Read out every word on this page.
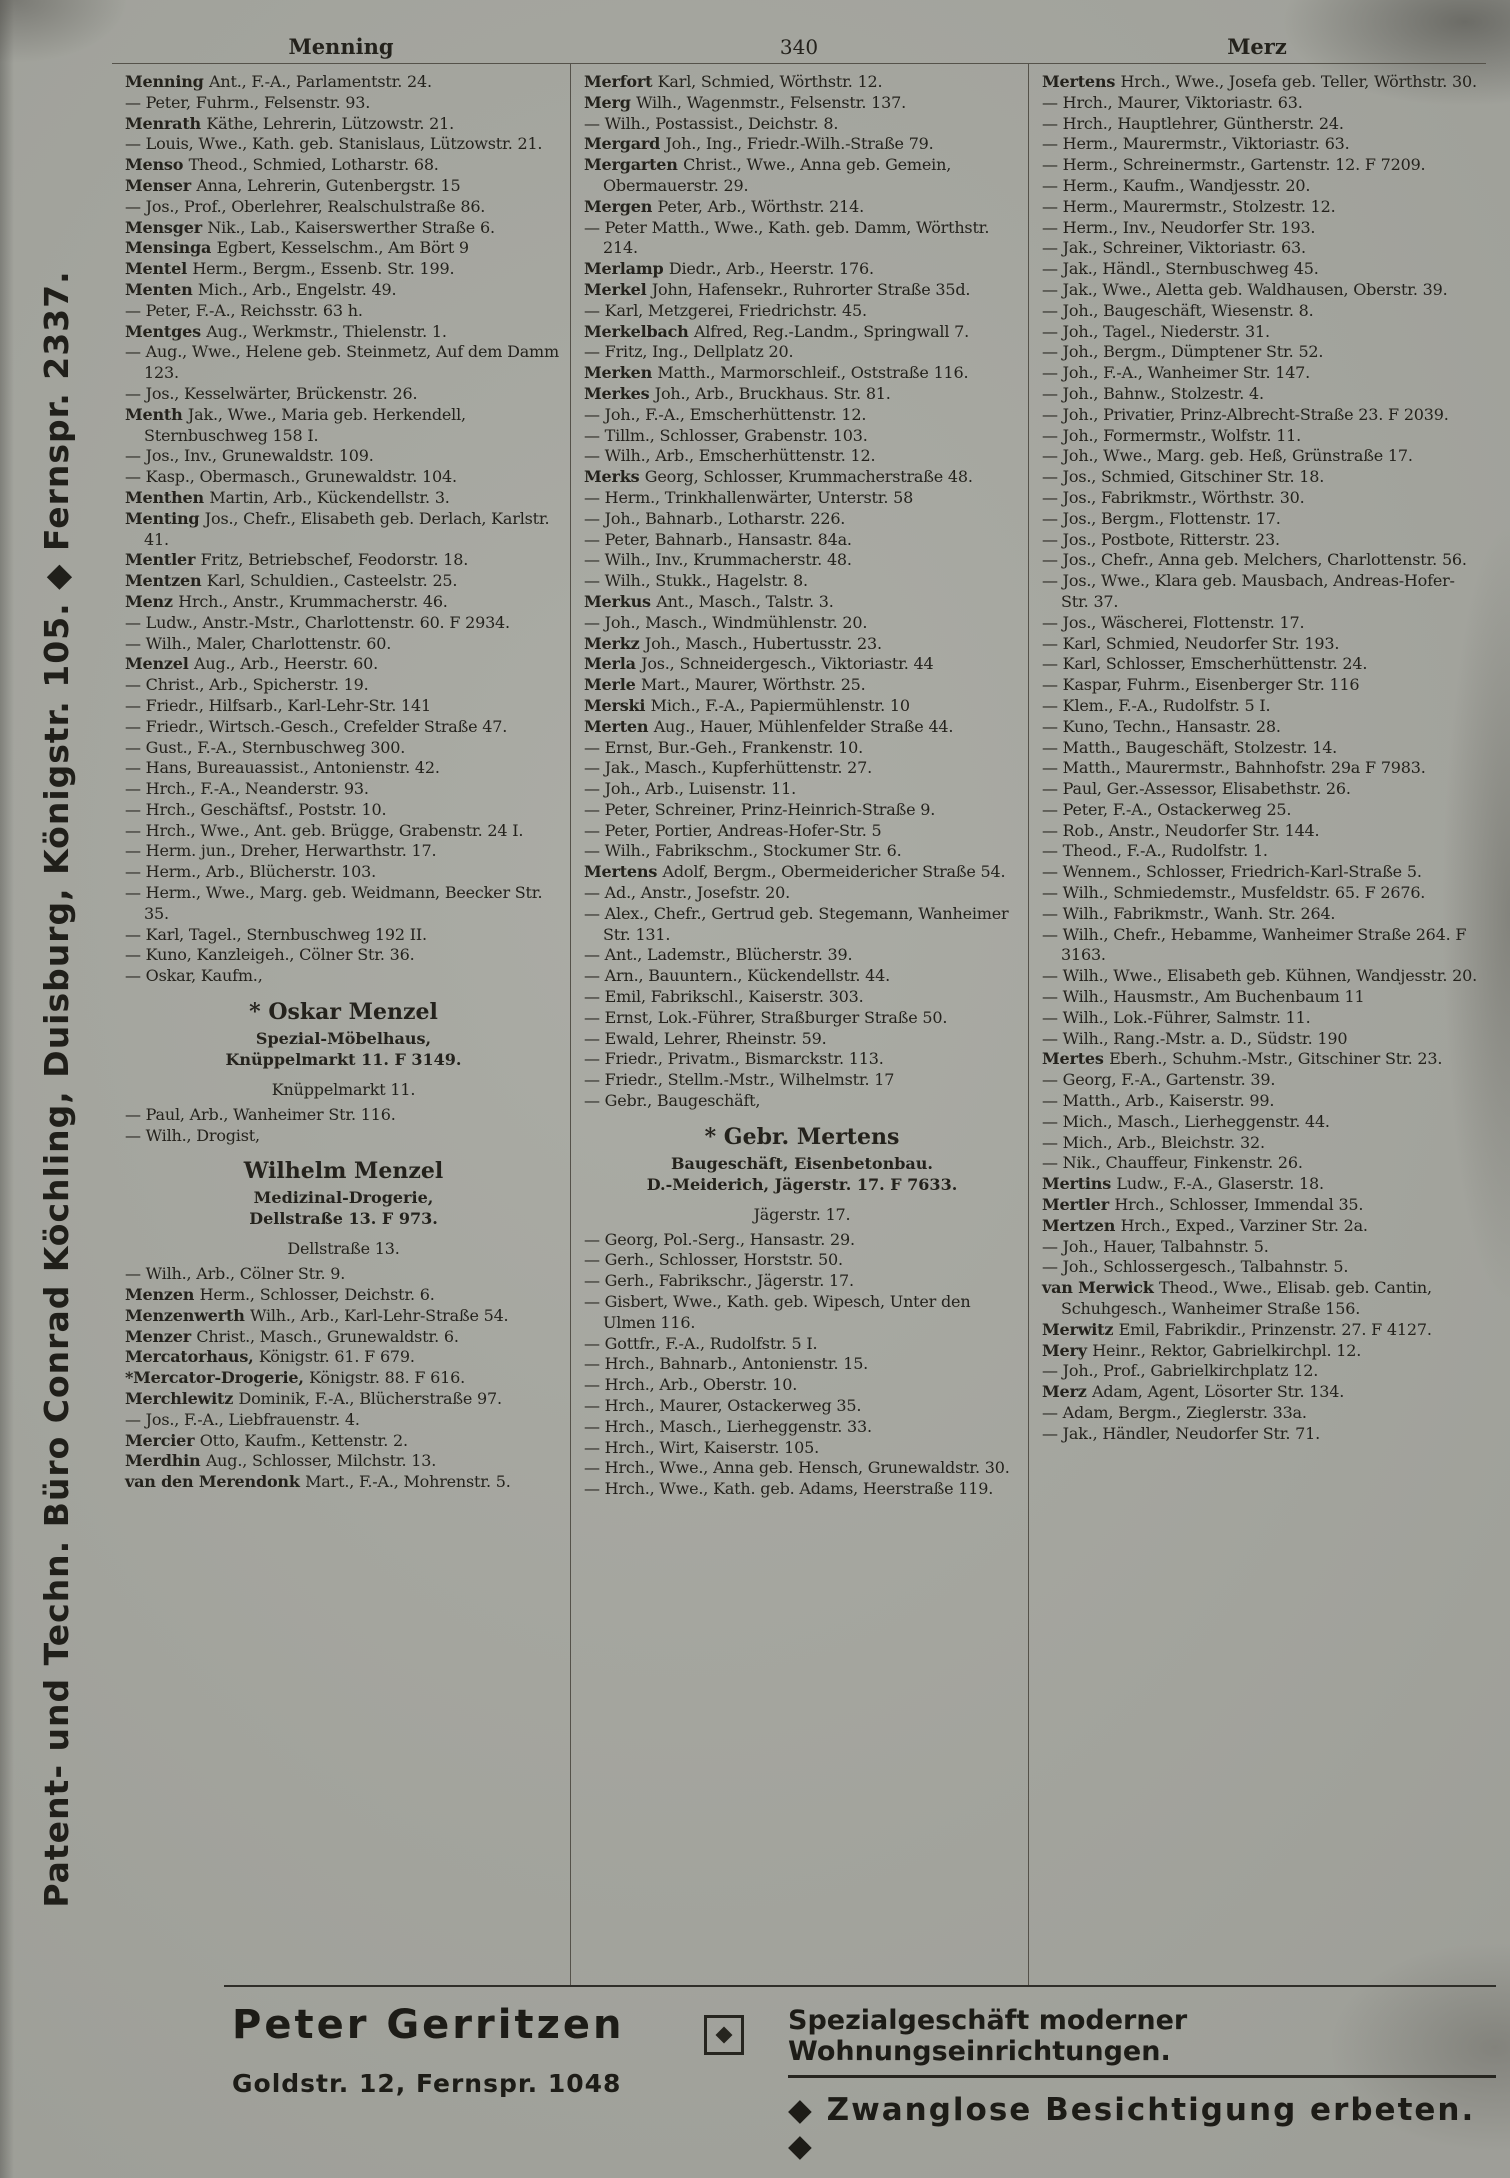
Patent- und Techn. Büro Conrad Köchling, Duisburg, Königstr. 105. ◆ Fernspr. 2337.
Menning	340	Merz

Menning Ant., F.-A., Parlamentstr. 24.

— Peter, Fuhrm., Felsenstr. 93.

Menrath Käthe, Lehrerin, Lützowstr. 21.

— Louis, Wwe., Kath. geb. Stanislaus, Lützowstr. 21.

Menso Theod., Schmied, Lotharstr. 68.

Menser Anna, Lehrerin, Gutenbergstr. 15

— Jos., Prof., Oberlehrer, Realschulstraße 86.

Mensger Nik., Lab., Kaiserswerther Straße 6.

Mensinga Egbert, Kesselschm., Am Bört 9

Mentel Herm., Bergm., Essenb. Str. 199.

Menten Mich., Arb., Engelstr. 49.

— Peter, F.-A., Reichsstr. 63 h.

Mentges Aug., Werkmstr., Thielenstr. 1.

— Aug., Wwe., Helene geb. Steinmetz, Auf dem Damm 123.

— Jos., Kesselwärter, Brückenstr. 26.

Menth Jak., Wwe., Maria geb. Herkendell, Sternbuschweg 158 I.

— Jos., Inv., Grunewaldstr. 109.

— Kasp., Obermasch., Grunewaldstr. 104.

Menthen Martin, Arb., Kückendellstr. 3.

Menting Jos., Chefr., Elisabeth geb. Derlach, Karlstr. 41.

Mentler Fritz, Betriebschef, Feodorstr. 18.

Mentzen Karl, Schuldien., Casteelstr. 25.

Menz Hrch., Anstr., Krummacherstr. 46.

— Ludw., Anstr.-Mstr., Charlottenstr. 60. F 2934.

— Wilh., Maler, Charlottenstr. 60.

Menzel Aug., Arb., Heerstr. 60.

— Christ., Arb., Spicherstr. 19.

— Friedr., Hilfsarb., Karl-Lehr-Str. 141

— Friedr., Wirtsch.-Gesch., Crefelder Straße 47.

— Gust., F.-A., Sternbuschweg 300.

— Hans, Bureauassist., Antonienstr. 42.

— Hrch., F.-A., Neanderstr. 93.

— Hrch., Geschäftsf., Poststr. 10.

— Hrch., Wwe., Ant. geb. Brügge, Grabenstr. 24 I.

— Herm. jun., Dreher, Herwarthstr. 17.

— Herm., Arb., Blücherstr. 103.

— Herm., Wwe., Marg. geb. Weidmann, Beecker Str. 35.

— Karl, Tagel., Sternbuschweg 192 II.

— Kuno, Kanzleigeh., Cölner Str. 36.

— Oskar, Kaufm.,

* Oskar Menzel
Spezial-Möbelhaus,
Knüppelmarkt 11. F 3149.

Knüppelmarkt 11.

— Paul, Arb., Wanheimer Str. 116.

— Wilh., Drogist,

Wilhelm Menzel
Medizinal-Drogerie,
Dellstraße 13. F 973.

Dellstraße 13.

— Wilh., Arb., Cölner Str. 9.

Menzen Herm., Schlosser, Deichstr. 6.

Menzenwerth Wilh., Arb., Karl-Lehr-Straße 54.

Menzer Christ., Masch., Grunewaldstr. 6.

Mercatorhaus, Königstr. 61. F 679.

*Mercator-Drogerie, Königstr. 88. F 616.

Merchlewitz Dominik, F.-A., Blücherstraße 97.

— Jos., F.-A., Liebfrauenstr. 4.

Mercier Otto, Kaufm., Kettenstr. 2.

Merdhin Aug., Schlosser, Milchstr. 13.

van den Merendonk Mart., F.-A., Mohrenstr. 5.

Merfort Karl, Schmied, Wörthstr. 12.

Merg Wilh., Wagenmstr., Felsenstr. 137.

— Wilh., Postassist., Deichstr. 8.

Mergard Joh., Ing., Friedr.-Wilh.-Straße 79.

Mergarten Christ., Wwe., Anna geb. Gemein, Obermauerstr. 29.

Mergen Peter, Arb., Wörthstr. 214.

— Peter Matth., Wwe., Kath. geb. Damm, Wörthstr. 214.

Merlamp Diedr., Arb., Heerstr. 176.

Merkel John, Hafensekr., Ruhrorter Straße 35d.

— Karl, Metzgerei, Friedrichstr. 45.

Merkelbach Alfred, Reg.-Landm., Springwall 7.

— Fritz, Ing., Dellplatz 20.

Merken Matth., Marmorschleif., Oststraße 116.

Merkes Joh., Arb., Bruckhaus. Str. 81.

— Joh., F.-A., Emscherhüttenstr. 12.

— Tillm., Schlosser, Grabenstr. 103.

— Wilh., Arb., Emscherhüttenstr. 12.

Merks Georg, Schlosser, Krummacherstraße 48.

— Herm., Trinkhallenwärter, Unterstr. 58

— Joh., Bahnarb., Lotharstr. 226.

— Peter, Bahnarb., Hansastr. 84a.

— Wilh., Inv., Krummacherstr. 48.

— Wilh., Stukk., Hagelstr. 8.

Merkus Ant., Masch., Talstr. 3.

— Joh., Masch., Windmühlenstr. 20.

Merkz Joh., Masch., Hubertusstr. 23.

Merla Jos., Schneidergesch., Viktoriastr. 44

Merle Mart., Maurer, Wörthstr. 25.

Merski Mich., F.-A., Papiermühlenstr. 10

Merten Aug., Hauer, Mühlenfelder Straße 44.

— Ernst, Bur.-Geh., Frankenstr. 10.

— Jak., Masch., Kupferhüttenstr. 27.

— Joh., Arb., Luisenstr. 11.

— Peter, Schreiner, Prinz-Heinrich-Straße 9.

— Peter, Portier, Andreas-Hofer-Str. 5

— Wilh., Fabrikschm., Stockumer Str. 6.

Mertens Adolf, Bergm., Obermeidericher Straße 54.

— Ad., Anstr., Josefstr. 20.

— Alex., Chefr., Gertrud geb. Stegemann, Wanheimer Str. 131.

— Ant., Lademstr., Blücherstr. 39.

— Arn., Bauuntern., Kückendellstr. 44.

— Emil, Fabrikschl., Kaiserstr. 303.

— Ernst, Lok.-Führer, Straßburger Straße 50.

— Ewald, Lehrer, Rheinstr. 59.

— Friedr., Privatm., Bismarckstr. 113.

— Friedr., Stellm.-Mstr., Wilhelmstr. 17

— Gebr., Baugeschäft,

* Gebr. Mertens
Baugeschäft, Eisenbetonbau.
D.-Meiderich, Jägerstr. 17. F 7633.

Jägerstr. 17.

— Georg, Pol.-Serg., Hansastr. 29.

— Gerh., Schlosser, Horststr. 50.

— Gerh., Fabrikschr., Jägerstr. 17.

— Gisbert, Wwe., Kath. geb. Wipesch, Unter den Ulmen 116.

— Gottfr., F.-A., Rudolfstr. 5 I.

— Hrch., Bahnarb., Antonienstr. 15.

— Hrch., Arb., Oberstr. 10.

— Hrch., Maurer, Ostackerweg 35.

— Hrch., Masch., Lierheggenstr. 33.

— Hrch., Wirt, Kaiserstr. 105.

— Hrch., Wwe., Anna geb. Hensch, Grunewaldstr. 30.

— Hrch., Wwe., Kath. geb. Adams, Heerstraße 119.

Mertens Hrch., Wwe., Josefa geb. Teller, Wörthstr. 30.

— Hrch., Maurer, Viktoriastr. 63.

— Hrch., Hauptlehrer, Güntherstr. 24.

— Herm., Maurermstr., Viktoriastr. 63.

— Herm., Schreinermstr., Gartenstr. 12. F 7209.

— Herm., Kaufm., Wandjesstr. 20.

— Herm., Maurermstr., Stolzestr. 12.

— Herm., Inv., Neudorfer Str. 193.

— Jak., Schreiner, Viktoriastr. 63.

— Jak., Händl., Sternbuschweg 45.

— Jak., Wwe., Aletta geb. Waldhausen, Oberstr. 39.

— Joh., Baugeschäft, Wiesenstr. 8.

— Joh., Tagel., Niederstr. 31.

— Joh., Bergm., Dümptener Str. 52.

— Joh., F.-A., Wanheimer Str. 147.

— Joh., Bahnw., Stolzestr. 4.

— Joh., Privatier, Prinz-Albrecht-Straße 23. F 2039.

— Joh., Formermstr., Wolfstr. 11.

— Joh., Wwe., Marg. geb. Heß, Grünstraße 17.

— Jos., Schmied, Gitschiner Str. 18.

— Jos., Fabrikmstr., Wörthstr. 30.

— Jos., Bergm., Flottenstr. 17.

— Jos., Postbote, Ritterstr. 23.

— Jos., Chefr., Anna geb. Melchers, Charlottenstr. 56.

— Jos., Wwe., Klara geb. Mausbach, Andreas-Hofer-Str. 37.

— Jos., Wäscherei, Flottenstr. 17.

— Karl, Schmied, Neudorfer Str. 193.

— Karl, Schlosser, Emscherhüttenstr. 24.

— Kaspar, Fuhrm., Eisenberger Str. 116

— Klem., F.-A., Rudolfstr. 5 I.

— Kuno, Techn., Hansastr. 28.

— Matth., Baugeschäft, Stolzestr. 14.

— Matth., Maurermstr., Bahnhofstr. 29a F 7983.

— Paul, Ger.-Assessor, Elisabethstr. 26.

— Peter, F.-A., Ostackerweg 25.

— Rob., Anstr., Neudorfer Str. 144.

— Theod., F.-A., Rudolfstr. 1.

— Wennem., Schlosser, Friedrich-Karl-Straße 5.

— Wilh., Schmiedemstr., Musfeldstr. 65. F 2676.

— Wilh., Fabrikmstr., Wanh. Str. 264.

— Wilh., Chefr., Hebamme, Wanheimer Straße 264. F 3163.

— Wilh., Wwe., Elisabeth geb. Kühnen, Wandjesstr. 20.

— Wilh., Hausmstr., Am Buchenbaum 11

— Wilh., Lok.-Führer, Salmstr. 11.

— Wilh., Rang.-Mstr. a. D., Südstr. 190

Mertes Eberh., Schuhm.-Mstr., Gitschiner Str. 23.

— Georg, F.-A., Gartenstr. 39.

— Matth., Arb., Kaiserstr. 99.

— Mich., Masch., Lierheggenstr. 44.

— Mich., Arb., Bleichstr. 32.

— Nik., Chauffeur, Finkenstr. 26.

Mertins Ludw., F.-A., Glaserstr. 18.

Mertler Hrch., Schlosser, Immendal 35.

Mertzen Hrch., Exped., Varziner Str. 2a.

— Joh., Hauer, Talbahnstr. 5.

— Joh., Schlossergesch., Talbahnstr. 5.

van Merwick Theod., Wwe., Elisab. geb. Cantin, Schuhgesch., Wanheimer Straße 156.

Merwitz Emil, Fabrikdir., Prinzenstr. 27. F 4127.

Mery Heinr., Rektor, Gabrielkirchpl. 12.

— Joh., Prof., Gabrielkirchplatz 12.

Merz Adam, Agent, Lösorter Str. 134.

— Adam, Bergm., Zieglerstr. 33a.

— Jak., Händler, Neudorfer Str. 71.

Peter Gerritzen
Goldstr. 12, Fernspr. 1048
Spezialgeschäft moderner Wohnungseinrichtungen.
◆ Zwanglose Besichtigung erbeten. ◆
